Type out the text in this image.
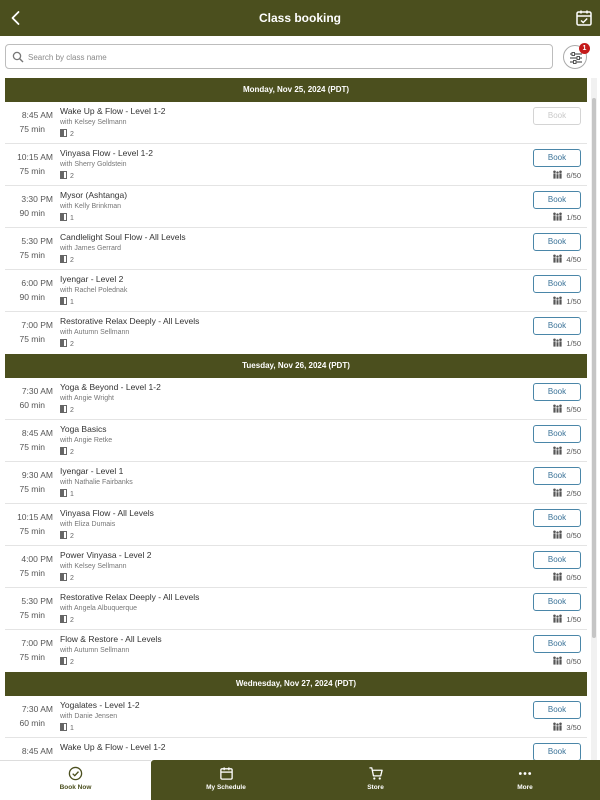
Class booking
Search by class name
1
Monday, Nov 25, 2024 (PDT)
8:45 AM
75 min
Wake Up & Flow - Level 1-2
with Kelsey Sellmann
2
Book
10:15 AM
75 min
Vinyasa Flow - Level 1-2
with Sherry Goldstein
2
Book
6/50
3:30 PM
90 min
Mysor (Ashtanga)
with Kelly Brinkman
1
Book
1/50
5:30 PM
75 min
Candlelight Soul Flow - All Levels
with James Gerrard
2
Book
4/50
6:00 PM
90 min
Iyengar - Level 2
with Rachel Polednak
1
Book
1/50
7:00 PM
75 min
Restorative Relax Deeply - All Levels
with Autumn Sellmann
2
Book
1/50
Tuesday, Nov 26, 2024 (PDT)
7:30 AM
60 min
Yoga & Beyond - Level 1-2
with Angie Wright
2
Book
5/50
8:45 AM
75 min
Yoga Basics
with Angie Retke
2
Book
2/50
9:30 AM
75 min
Iyengar - Level 1
with Nathalie Fairbanks
1
Book
2/50
10:15 AM
75 min
Vinyasa Flow - All Levels
with Eliza Dumais
2
Book
0/50
4:00 PM
75 min
Power Vinyasa - Level 2
with Kelsey Sellmann
2
Book
0/50
5:30 PM
75 min
Restorative Relax Deeply - All Levels
with Angela Albuquerque
2
Book
1/50
7:00 PM
75 min
Flow & Restore - All Levels
with Autumn Sellmann
2
Book
0/50
Wednesday, Nov 27, 2024 (PDT)
7:30 AM
60 min
Yogalates - Level 1-2
with Danie Jensen
1
Book
3/50
8:45 AM Wake Up & Flow - Level 1-2	Book
Book Now	My Schedule	Store	More
